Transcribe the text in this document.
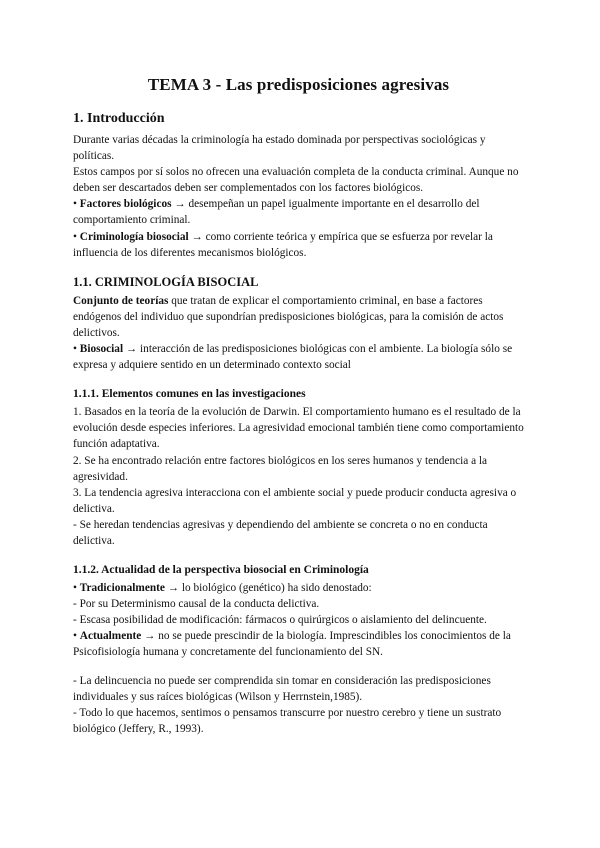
TEMA 3 - Las predisposiciones agresivas
1. Introducción

Durante varias décadas la criminología ha estado dominada por perspectivas sociológicas y políticas.

Estos campos por sí solos no ofrecen una evaluación completa de la conducta criminal. Aunque no deben ser descartados deben ser complementados con los factores biológicos.

• Factores biológicos → desempeñan un papel igualmente importante en el desarrollo del comportamiento criminal.

• Criminología biosocial → como corriente teórica y empírica que se esfuerza por revelar la influencia de los diferentes mecanismos biológicos.

1.1. CRIMINOLOGÍA BISOCIAL

Conjunto de teorías que tratan de explicar el comportamiento criminal, en base a factores endógenos del individuo que supondrían predisposiciones biológicas, para la comisión de actos delictivos.

• Biosocial → interacción de las predisposiciones biológicas con el ambiente. La biología sólo se expresa y adquiere sentido en un determinado contexto social

1.1.1. Elementos comunes en las investigaciones

1. Basados en la teoría de la evolución de Darwin. El comportamiento humano es el resultado de la evolución desde especies inferiores. La agresividad emocional también tiene como comportamiento función adaptativa.

2. Se ha encontrado relación entre factores biológicos en los seres humanos y tendencia a la agresividad.

3. La tendencia agresiva interacciona con el ambiente social y puede producir conducta agresiva o delictiva.

- Se heredan tendencias agresivas y dependiendo del ambiente se concreta o no en conducta delictiva.

1.1.2. Actualidad de la perspectiva biosocial en Criminología

• Tradicionalmente → lo biológico (genético) ha sido denostado:

- Por su Determinismo causal de la conducta delictiva.

- Escasa posibilidad de modificación: fármacos o quirúrgicos o aislamiento del delincuente.

• Actualmente → no se puede prescindir de la biología. Imprescindibles los conocimientos de la Psicofisiología humana y concretamente del funcionamiento del SN.

- La delincuencia no puede ser comprendida sin tomar en consideración las predisposiciones individuales y sus raíces biológicas (Wilson y Herrnstein,1985).

- Todo lo que hacemos, sentimos o pensamos transcurre por nuestro cerebro y tiene un sustrato biológico (Jeffery, R., 1993).
